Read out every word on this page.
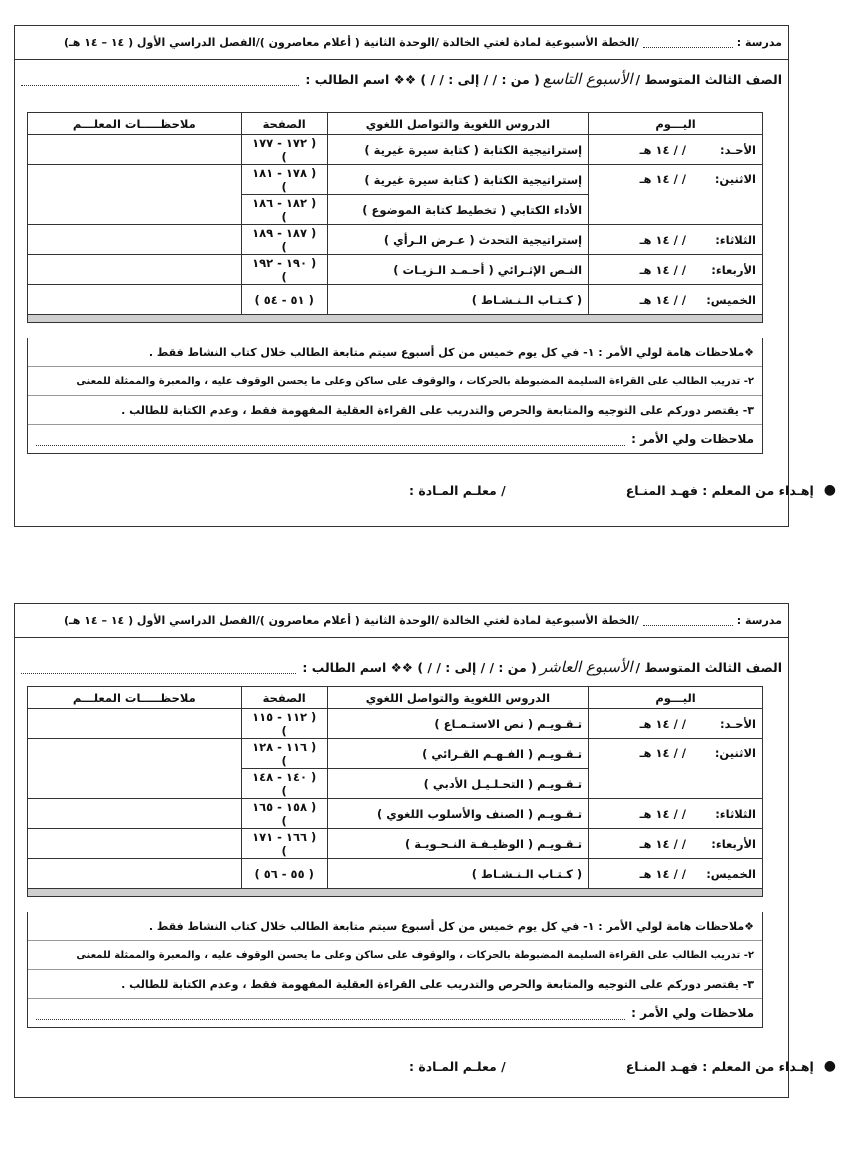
مدرسة :
/الخطة الأسبوعية لمادة لغتي الخالدة /الوحدة الثانية ( أعلام معاصرون )/الفصل الدراسي الأول ( ١٤ – ١٤ هـ)
الصف الثالث المتوسط /
الأسبوع التاسع
( من : / / إلى : / / ) ❖❖ اسم الطالب :
اليـــوم	الدروس اللغوية والتواصل اللغوي	الصفحة	ملاحظـــــات المعلـــم
الأحـد:/ / ١٤ هـ	إستراتيجية الكتابة ( كتابة سيرة غيرية )	( ١٧٢ - ١٧٧ )	
الاثنين:/ / ١٤ هـ	إستراتيجية الكتابة ( كتابة سيرة غيرية )	( ١٧٨ - ١٨١ )	
	الأداء الكتابي ( تخطيط كتابة الموضوع )	( ١٨٢ - ١٨٦ )	
الثلاثاء:/ / ١٤ هـ	إستراتيجية التحدث ( عـرض الـرأي )	( ١٨٧ - ١٨٩ )	
الأربعاء:/ / ١٤ هـ	النـص الإثـرائي ( أحـمـد الـزيـات )	( ١٩٠ - ١٩٢ )	
الخميس:/ / ١٤ هـ	( كـتـاب الـنـشـاط )	( ٥١ - ٥٤ )	

❖ملاحظات هامة لولي الأمر : ١- في كل يوم خميس من كل أسبوع سيتم متابعة الطالب خلال كتاب النشاط فقط .
٢- تدريب الطالب على القراءة السليمة المضبوطة بالحركات ، والوقوف على ساكن وعلى ما يحسن الوقوف عليه ، والمعبرة والممثلة للمعنى
٣- يقتصر دوركم على التوجيه والمتابعة والحرص والتدريب على القراءة العقلية المفهومة فقط ، وعدم الكتابة للطالب .
ملاحظات ولي الأمر :
●
إهـداء من المعلم : فهـد المنـاع
/ معلـم المـادة :
مدرسة :
/الخطة الأسبوعية لمادة لغتي الخالدة /الوحدة الثانية ( أعلام معاصرون )/الفصل الدراسي الأول ( ١٤ – ١٤ هـ)
الصف الثالث المتوسط /
الأسبوع العاشر
( من : / / إلى : / / ) ❖❖ اسم الطالب :
اليـــوم	الدروس اللغوية والتواصل اللغوي	الصفحة	ملاحظـــــات المعلـــم
الأحـد:/ / ١٤ هـ	تـقـويـم ( نص الاستـمـاع )	( ١١٢ - ١١٥ )	
الاثنين:/ / ١٤ هـ	تـقـويـم ( الفـهـم القـرائي )	( ١١٦ - ١٢٨ )	
	تـقـويـم ( التحـلـيـل الأدبي )	( ١٤٠ - ١٤٨ )	
الثلاثاء:/ / ١٤ هـ	تـقـويـم ( الصنف والأسلوب اللغوي )	( ١٥٨ - ١٦٥ )	
الأربعاء:/ / ١٤ هـ	تـقـويـم ( الوظيـفـة النـحـويـة )	( ١٦٦ - ١٧١ )	
الخميس:/ / ١٤ هـ	( كـتـاب الـنـشـاط )	( ٥٥ - ٥٦ )	

❖ملاحظات هامة لولي الأمر : ١- في كل يوم خميس من كل أسبوع سيتم متابعة الطالب خلال كتاب النشاط فقط .
٢- تدريب الطالب على القراءة السليمة المضبوطة بالحركات ، والوقوف على ساكن وعلى ما يحسن الوقوف عليه ، والمعبرة والممثلة للمعنى
٣- يقتصر دوركم على التوجيه والمتابعة والحرص والتدريب على القراءة العقلية المفهومة فقط ، وعدم الكتابة للطالب .
ملاحظات ولي الأمر :
●
إهـداء من المعلم : فهـد المنـاع
/ معلـم المـادة :
